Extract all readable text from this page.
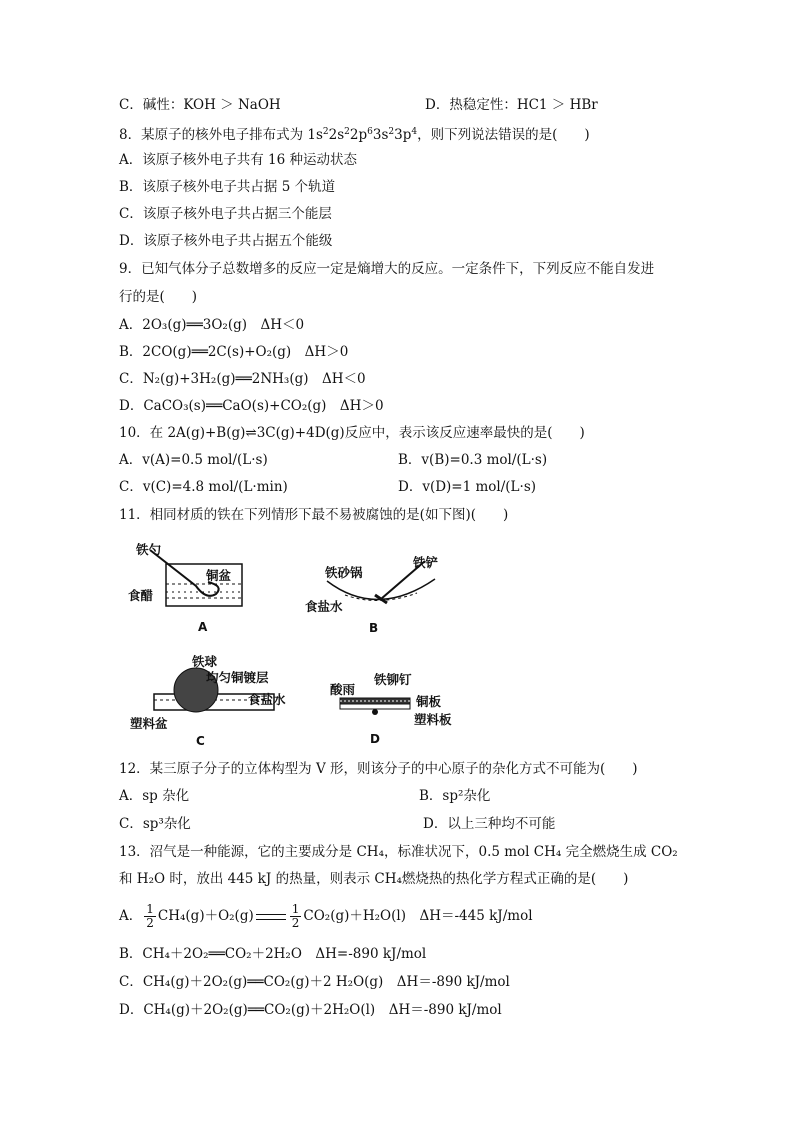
C．碱性：KOH ＞ NaOH	D．热稳定性：HC1 ＞ HBr
8．某原子的核外电子排布式为 $1s^22s^22p^63s^23p^4$，则下列说法错误的是(　　)
A．该原子核外电子共有 16 种运动状态
B．该原子核外电子共占据 5 个轨道
C．该原子核外电子共占据三个能层
D．该原子核外电子共占据五个能级
9．已知气体分子总数增多的反应一定是熵增大的反应。一定条件下，下列反应不能自发进
行的是(　　)
A．2O₃(g)══3O₂(g)　ΔH＜0
B．2CO(g)══2C(s)+O₂(g)　ΔH＞0
C．N₂(g)+3H₂(g)══2NH₃(g)　ΔH＜0
D．CaCO₃(s)══CaO(s)+CO₂(g)　ΔH＞0
10．在 2A(g)+B(g)⇌3C(g)+4D(g)反应中，表示该反应速率最快的是(　　)
A．v(A)=0.5 mol/(L·s)	B．v(B)=0.3 mol/(L·s)
C．v(C)=4.8 mol/(L·min)	D．v(D)=1 mol/(L·s)
11．相同材质的铁在下列情形下最不易被腐蚀的是(如下图)(　　)
铁勺
铜盆
食醋
A
铁砂锅
铁铲
食盐水
B
铁球
均匀铜镀层
食盐水
塑料盆
C
酸雨
铁铆钉
铜板
塑料板
D
12．某三原子分子的立体构型为 V 形，则该分子的中心原子的杂化方式不可能为(　　)
A．sp 杂化	B．sp²杂化
C．sp³杂化	D．以上三种均不可能
13．沼气是一种能源，它的主要成分是 CH₄，标准状况下，0.5 mol CH₄ 完全燃烧生成 CO₂
和 H₂O 时，放出 445 kJ 的热量，则表示 CH₄燃烧热的热化学方程式正确的是(　　)
A． $\frac{1}{2} CH_4(g)+O_2(g)$	$\frac{1}{2} CO_2(g)+H_2O(l)$　ΔH＝-445 kJ/mol
B．CH₄＋2O₂══CO₂＋2H₂O　ΔH=-890 kJ/mol
C．CH₄(g)＋2O₂(g)══CO₂(g)＋2 H₂O(g)　ΔH＝-890 kJ/mol
D．CH₄(g)＋2O₂(g)══CO₂(g)＋2H₂O(l)　ΔH＝-890 kJ/mol
